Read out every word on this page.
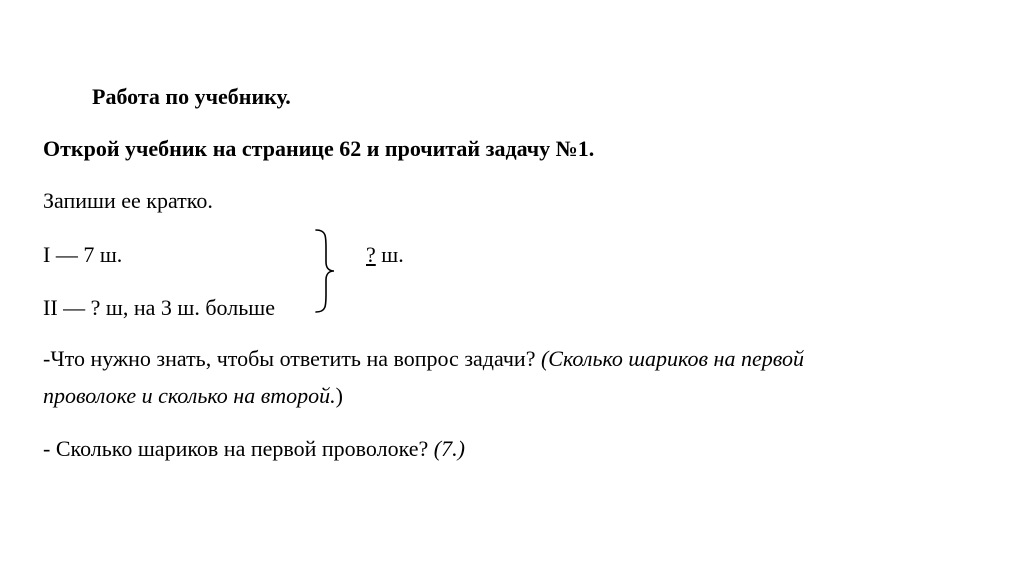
Работа по учебнику.
Открой учебник на странице 62 и прочитай задачу №1.
Запиши ее кратко.
I — 7 ш.
II — ? ш, на 3 ш. больше
? ш.
-Что нужно знать, чтобы ответить на вопрос задачи? (Сколько шариков на первой
проволоке и сколько на второй.)
- Сколько шариков на первой проволоке? (7.)
